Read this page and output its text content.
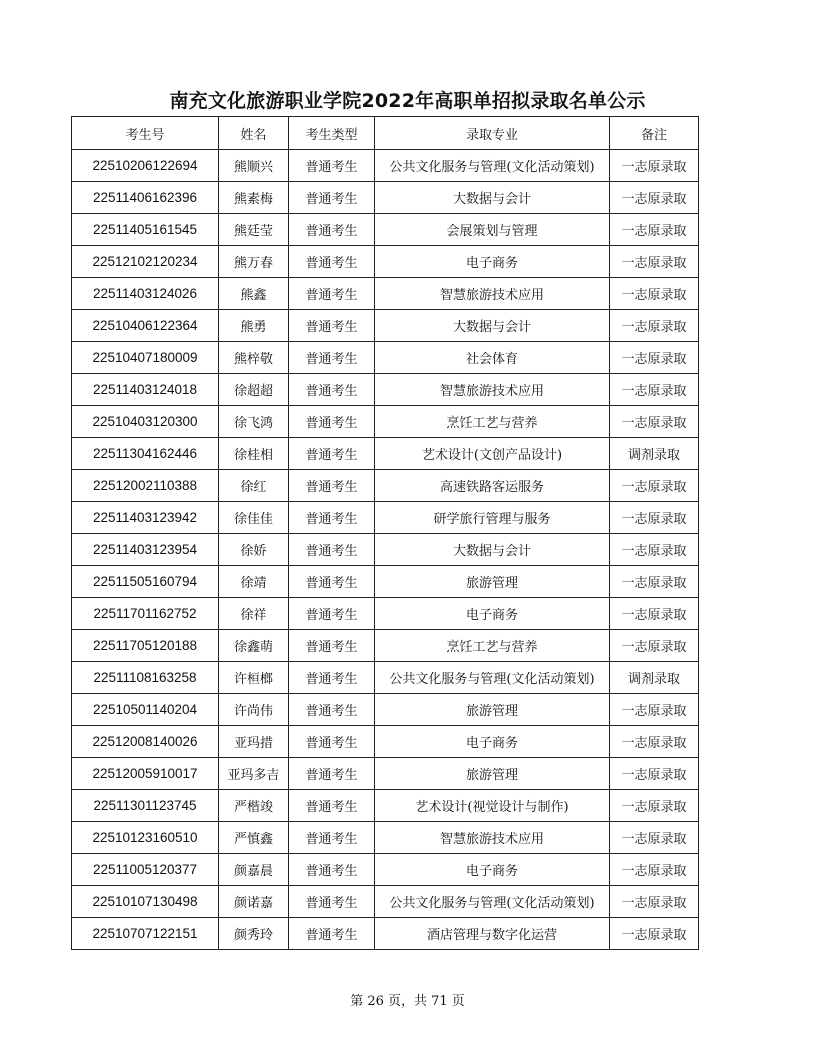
南充文化旅游职业学院2022年高职单招拟录取名单公示
考生号	姓名	考生类型	录取专业	备注
22510206122694	熊顺兴	普通考生	公共文化服务与管理(文化活动策划)	一志原录取
22511406162396	熊素梅	普通考生	大数据与会计	一志原录取
22511405161545	熊廷莹	普通考生	会展策划与管理	一志原录取
22512102120234	熊万春	普通考生	电子商务	一志原录取
22511403124026	熊鑫	普通考生	智慧旅游技术应用	一志原录取
22510406122364	熊勇	普通考生	大数据与会计	一志原录取
22510407180009	熊梓敬	普通考生	社会体育	一志原录取
22511403124018	徐超超	普通考生	智慧旅游技术应用	一志原录取
22510403120300	徐飞鸿	普通考生	烹饪工艺与营养	一志原录取
22511304162446	徐桂相	普通考生	艺术设计(文创产品设计)	调剂录取
22512002110388	徐红	普通考生	高速铁路客运服务	一志原录取
22511403123942	徐佳佳	普通考生	研学旅行管理与服务	一志原录取
22511403123954	徐娇	普通考生	大数据与会计	一志原录取
22511505160794	徐靖	普通考生	旅游管理	一志原录取
22511701162752	徐祥	普通考生	电子商务	一志原录取
22511705120188	徐鑫萌	普通考生	烹饪工艺与营养	一志原录取
22511108163258	许桓榔	普通考生	公共文化服务与管理(文化活动策划)	调剂录取
22510501140204	许尚伟	普通考生	旅游管理	一志原录取
22512008140026	亚玛措	普通考生	电子商务	一志原录取
22512005910017	亚玛多吉	普通考生	旅游管理	一志原录取
22511301123745	严楷竣	普通考生	艺术设计(视觉设计与制作)	一志原录取
22510123160510	严慎鑫	普通考生	智慧旅游技术应用	一志原录取
22511005120377	颜嘉晨	普通考生	电子商务	一志原录取
22510107130498	颜诺嘉	普通考生	公共文化服务与管理(文化活动策划)	一志原录取
22510707122151	颜秀玲	普通考生	酒店管理与数字化运营	一志原录取
第 26 页，共 71 页
